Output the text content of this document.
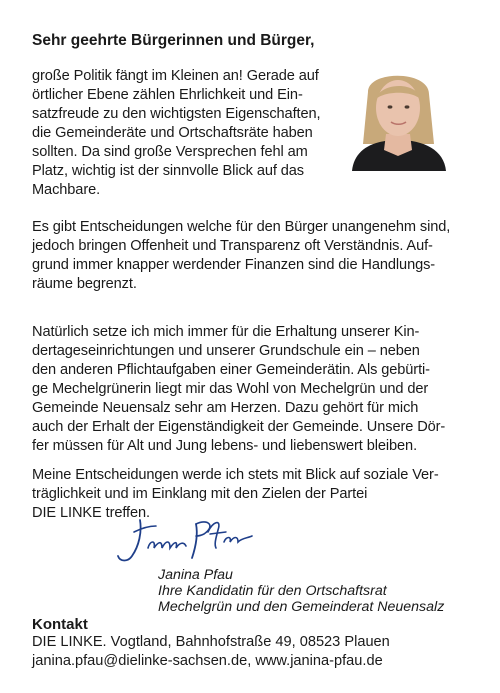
Sehr geehrte Bürgerinnen und Bürger,

große Politik fängt im Kleinen an! Gerade auf
örtlicher Ebene zählen Ehrlichkeit und Ein-
satzfreude zu den wichtigsten Eigenschaften,
die Gemeinderäte und Ortschaftsräte haben
sollten. Da sind große Versprechen fehl am
Platz, wichtig ist der sinnvolle Blick auf das
Machbare.

Es gibt Entscheidungen welche für den Bürger unangenehm sind,
jedoch bringen Offenheit und Transparenz oft Verständnis. Auf-
grund immer knapper werdender Finanzen sind die Handlungs-
räume begrenzt.

Natürlich setze ich mich immer für die Erhaltung unserer Kin-
dertageseinrichtungen und unserer Grundschule ein – neben
den anderen Pflichtaufgaben einer Gemeinderätin. Als gebürti-
ge Mechelgrünerin liegt mir das Wohl von Mechelgrün und der
Gemeinde Neuensalz sehr am Herzen. Dazu gehört für mich
auch der Erhalt der Eigenständigkeit der Gemeinde. Unsere Dör-
fer müssen für Alt und Jung lebens- und liebenswert bleiben.

Meine Entscheidungen werde ich stets mit Blick auf soziale Ver-
träglichkeit und im Einklang mit den Zielen der Partei
DIE LINKE treffen.

Janina Pfau
Ihre Kandidatin für den Ortschaftsrat
Mechelgrün und den Gemeinderat Neuensalz
Kontakt
DIE LINKE. Vogtland, Bahnhofstraße 49, 08523 Plauen
janina.pfau@dielinke-sachsen.de, www.janina-pfau.de
